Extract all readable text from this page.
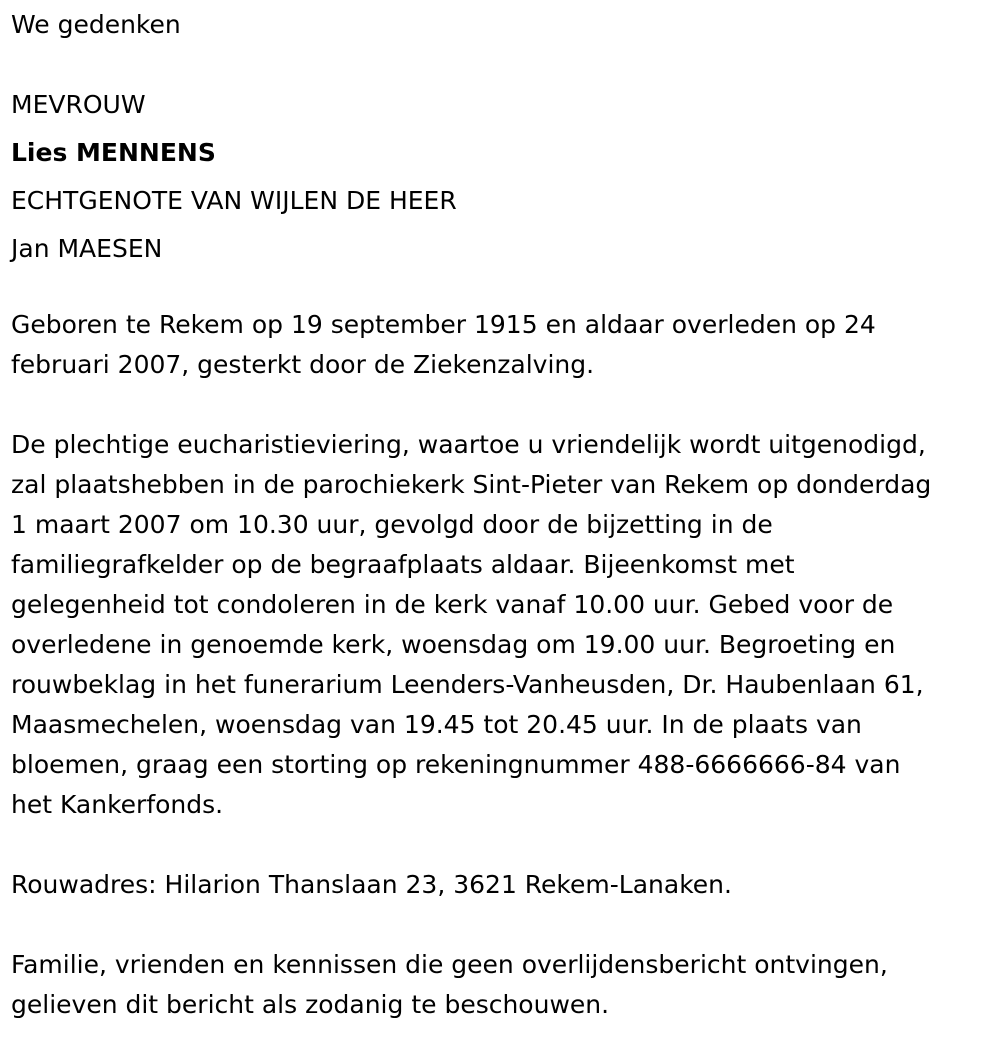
We gedenken

MEVROUW

Lies MENNENS

ECHTGENOTE VAN WIJLEN DE HEER

Jan MAESEN

Geboren te Rekem op 19 september 1915 en aldaar overleden op 24
februari 2007, gesterkt door de Ziekenzalving.

De plechtige eucharistieviering, waartoe u vriendelijk wordt uitgenodigd,
zal plaatshebben in de parochiekerk Sint-Pieter van Rekem op donderdag
1 maart 2007 om 10.30 uur, gevolgd door de bijzetting in de
familiegrafkelder op de begraafplaats aldaar. Bijeenkomst met
gelegenheid tot condoleren in de kerk vanaf 10.00 uur. Gebed voor de
overledene in genoemde kerk, woensdag om 19.00 uur. Begroeting en
rouwbeklag in het funerarium Leenders-Vanheusden, Dr. Haubenlaan 61,
Maasmechelen, woensdag van 19.45 tot 20.45 uur. In de plaats van
bloemen, graag een storting op rekeningnummer 488-6666666-84 van
het Kankerfonds.

Rouwadres: Hilarion Thanslaan 23, 3621 Rekem-Lanaken.

Familie, vrienden en kennissen die geen overlijdensbericht ontvingen,
gelieven dit bericht als zodanig te beschouwen.
